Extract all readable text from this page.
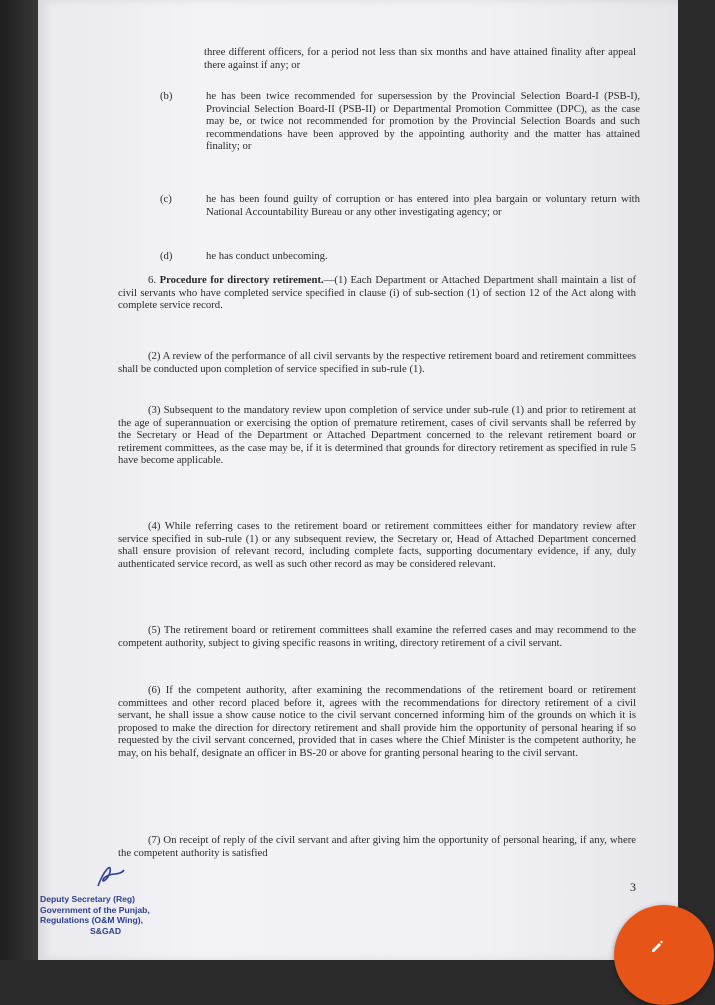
three different officers, for a period not less than six months and have attained finality after appeal there against if any; or

(b)	he has been twice recommended for supersession by the Provincial Selection Board-I (PSB-I), Provincial Selection Board-II (PSB-II) or Departmental Promotion Committee (DPC), as the case may be, or twice not recommended for promotion by the Provincial Selection Boards and such recommendations have been approved by the appointing authority and the matter has attained finality; or
(c)	he has been found guilty of corruption or has entered into plea bargain or voluntary return with National Accountability Bureau or any other investigating agency; or
(d)	he has conduct unbecoming.
6. Procedure for directory retirement.—(1) Each Department or Attached Department shall maintain a list of civil servants who have completed service specified in clause (i) of sub-section (1) of section 12 of the Act along with complete service record.
(2) A review of the performance of all civil servants by the respective retirement board and retirement committees shall be conducted upon completion of service specified in sub-rule (1).
(3) Subsequent to the mandatory review upon completion of service under sub-rule (1) and prior to retirement at the age of superannuation or exercising the option of premature retirement, cases of civil servants shall be referred by the Secretary or Head of the Department or Attached Department concerned to the relevant retirement board or retirement committees, as the case may be, if it is determined that grounds for directory retirement as specified in rule 5 have become applicable.
(4) While referring cases to the retirement board or retirement committees either for mandatory review after service specified in sub-rule (1) or any subsequent review, the Secretary or, Head of Attached Department concerned shall ensure provision of relevant record, including complete facts, supporting documentary evidence, if any, duly authenticated service record, as well as such other record as may be considered relevant.
(5) The retirement board or retirement committees shall examine the referred cases and may recommend to the competent authority, subject to giving specific reasons in writing, directory retirement of a civil servant.
(6) If the competent authority, after examining the recommendations of the retirement board or retirement committees and other record placed before it, agrees with the recommendations for directory retirement of a civil servant, he shall issue a show cause notice to the civil servant concerned informing him of the grounds on which it is proposed to make the direction for directory retirement and shall provide him the opportunity of personal hearing if so requested by the civil servant concerned, provided that in cases where the Chief Minister is the competent authority, he may, on his behalf, designate an officer in BS-20 or above for granting personal hearing to the civil servant.
(7) On receipt of reply of the civil servant and after giving him the opportunity of personal hearing, if any, where the competent authority is satisfied
3
Deputy Secretary (Reg)
Government of the Punjab,
Regulations (O&M Wing),
S&GAD
